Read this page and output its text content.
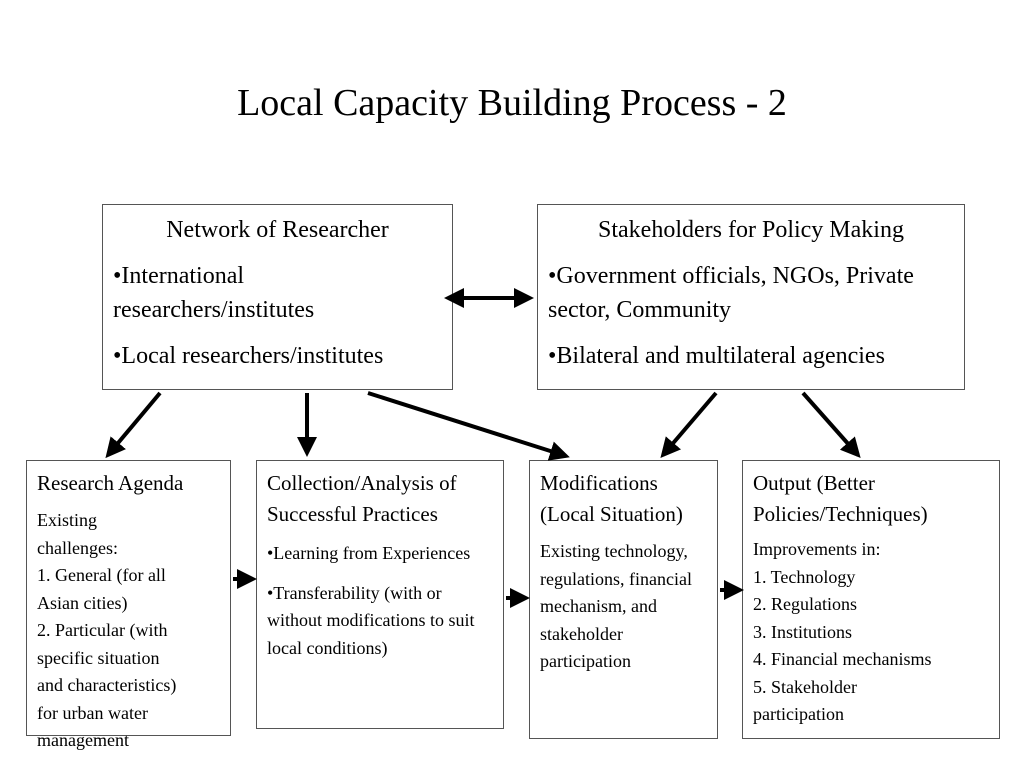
Local Capacity Building Process - 2

Network of Researcher

•International researchers/institutes

•Local researchers/institutes

Stakeholders for Policy Making

•Government officials, NGOs, Private sector, Community

•Bilateral and multilateral agencies

Research Agenda

Existing
challenges:
1. General (for all
Asian cities)
2. Particular (with
specific situation
and characteristics)
for urban water
management

Collection/Analysis of Successful Practices

•Learning from Experiences

•Transferability (with or without modifications to suit local conditions)

Modifications (Local Situation)

Existing technology, regulations, financial mechanism, and stakeholder participation

Output (Better Policies/Techniques)

Improvements in:
1. Technology
2. Regulations
3. Institutions
4. Financial mechanisms
5. Stakeholder
participation
